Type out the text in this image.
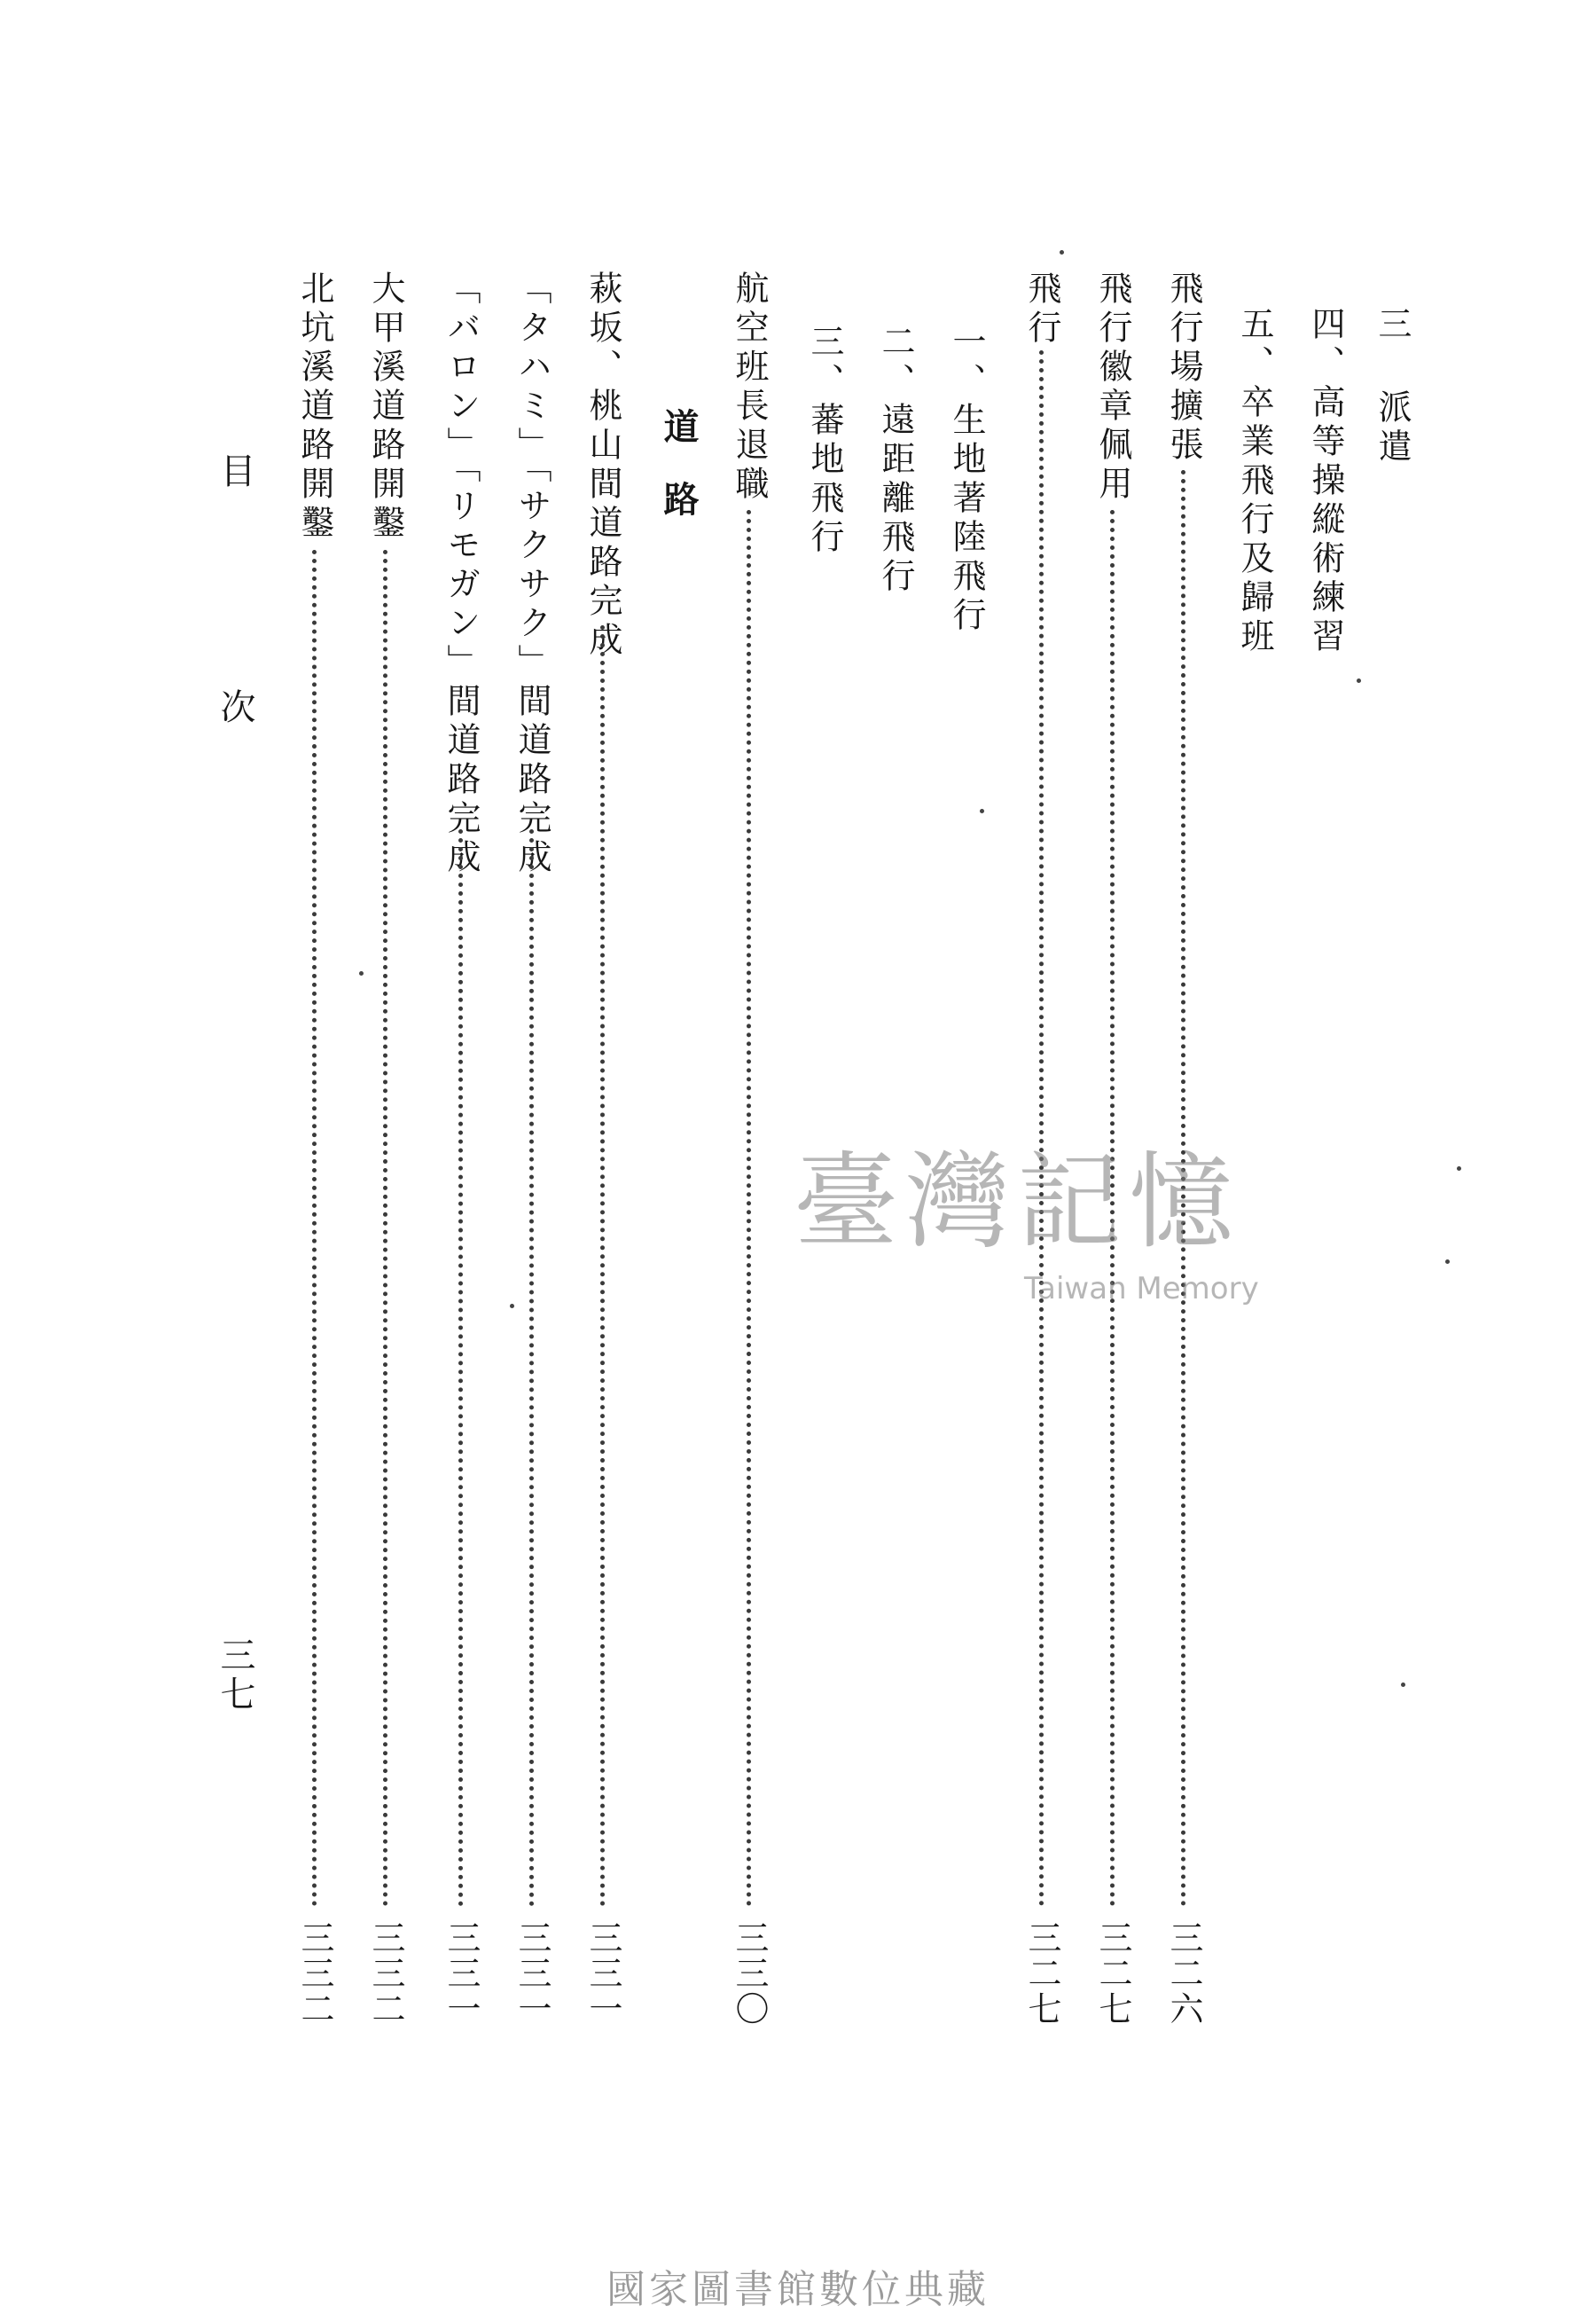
三 派遣
四、高等操縱術練習
五、卒業飛行及歸班
飛行場擴張
三二六
飛行徽章佩用
三二七
飛行
三二七
一、生地著陸飛行
二、遠距離飛行
三、蕃地飛行
航空班長退職
三三〇
道路
萩坂、桃山間道路完成
三三一
「タハミ」「サクサク」間道路完成
三三一
「バロン」「リモガン」間道路完成
三三一
大甲溪道路開鑿
三三二
北坑溪道路開鑿
三三二
目 次
三七
臺灣記憶
Taiwan Memory
國家圖書館數位典藏
